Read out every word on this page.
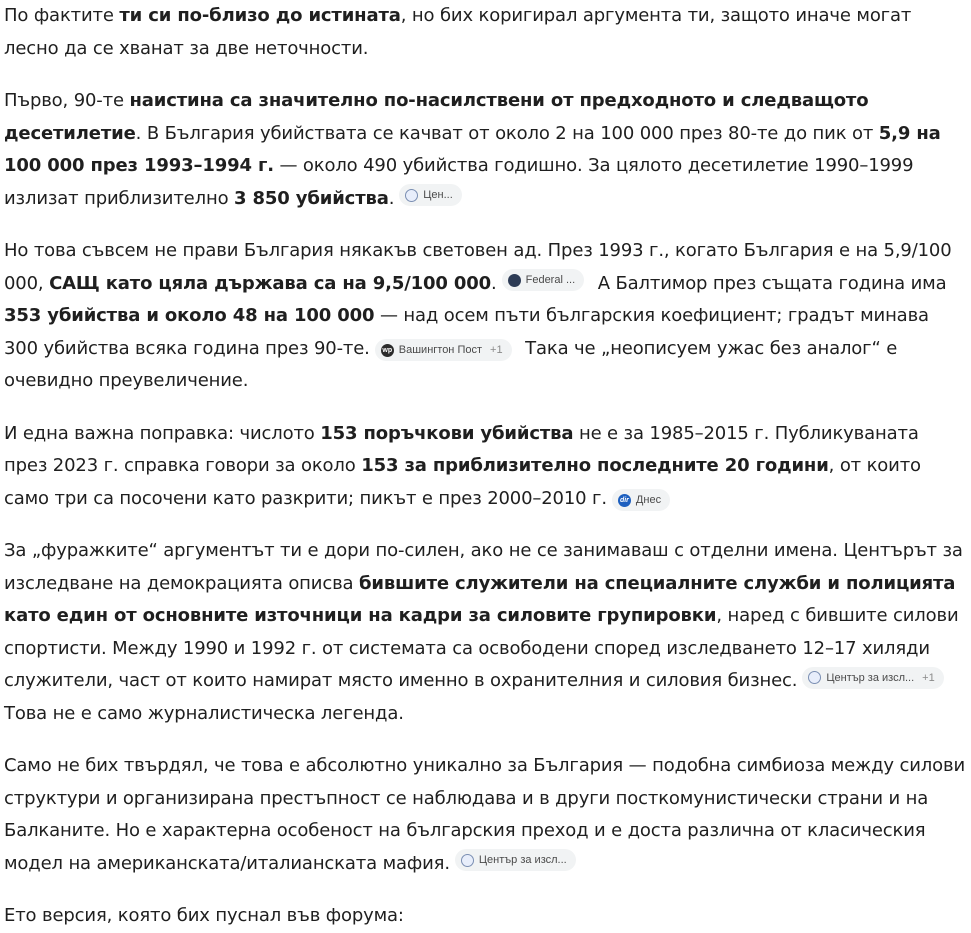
По фактите ти си по-близо до истината, но бих коригирал аргумента ти, защото иначе могат лесно да се хванат за две неточности.

Първо, 90-те наистина са значително по-насилствени от предходното и следващото десетилетие. В България убийствата се качват от около 2 на 100 000 през 80-те до пик от 5,9 на 100 000 през 1993–1994 г. — около 490 убийства годишно. За цялото десетилетие 1990–1999 излизат приблизително 3 850 убийства.	Цен...

Но това съвсем не прави България някакъв световен ад. През 1993 г., когато България е на 5,9/100 000, САЩ като цяла държава са на 9,5/100 000.	Federal ... А Балтимор през същата година има 353 убийства и около 48 на 100 000 — над осем пъти българския коефициент; градът минава 300 убийства всяка година през 90-те. wp Вашингтон Пост +1 Така че „неописуем ужас без аналог“ е очевидно преувеличение.

И една важна поправка: числото 153 поръчкови убийства не е за 1985–2015 г. Публикуваната през 2023 г. справка говори за около 153 за приблизително последните 20 години, от които само три са посочени като разкрити; пикът е през 2000–2010 г. dir Днес

За „фуражките“ аргументът ти е дори по-силен, ако не се занимаваш с отделни имена. Центърът за изследване на демокрацията описва бившите служители на специалните служби и полицията като един от основните източници на кадри за силовите групировки, наред с бившите силови спортисти. Между 1990 и 1992 г. от системата са освободени според изследването 12–17 хиляди служители, част от които намират място именно в охранителния и силовия бизнес.	Център за изсл... +1
Това не е само журналистическа легенда.

Само не бих твърдял, че това е абсолютно уникално за България — подобна симбиоза между силови структури и организирана престъпност се наблюдава и в други посткомунистически страни и на Балканите. Но е характерна особеност на българския преход и е доста различна от класическия модел на американската/италианската мафия.	Център за изсл...

Ето версия, която бих пуснал във форума:
